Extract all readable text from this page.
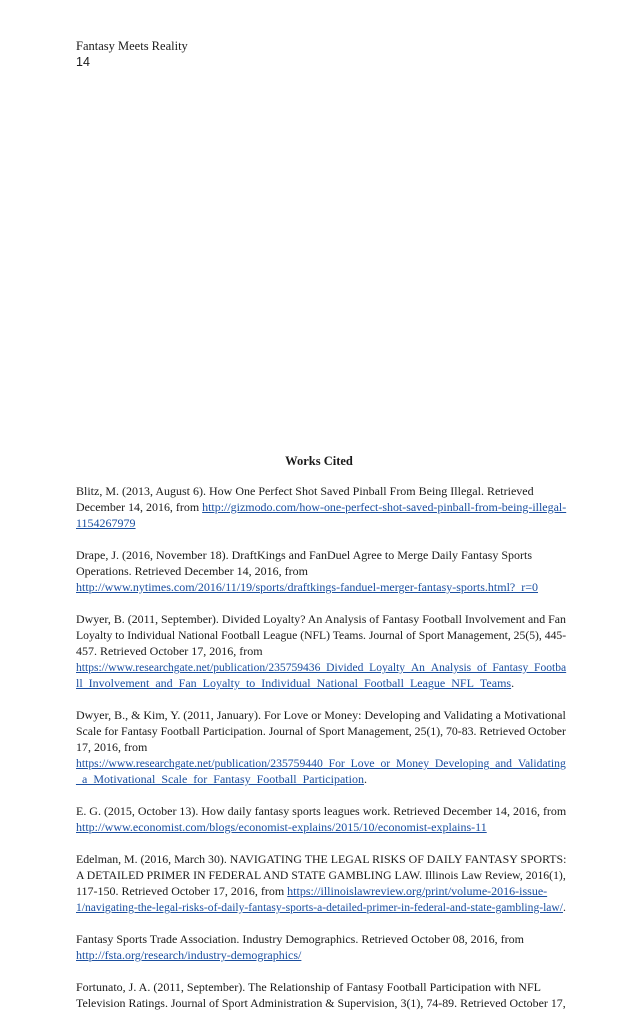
Fantasy Meets Reality
14
Works Cited

Blitz, M. (2013, August 6). How One Perfect Shot Saved Pinball From Being Illegal. Retrieved
December 14, 2016, from http://gizmodo.com/how-one-perfect-shot-saved-pinball-from-being-illegal-
1154267979

Drape, J. (2016, November 18). DraftKings and FanDuel Agree to Merge Daily Fantasy Sports
Operations. Retrieved December 14, 2016, from
http://www.nytimes.com/2016/11/19/sports/draftkings-fanduel-merger-fantasy-sports.html?_r=0

Dwyer, B. (2011, September). Divided Loyalty? An Analysis of Fantasy Football Involvement and Fan
Loyalty to Individual National Football League (NFL) Teams. Journal of Sport Management, 25(5), 445-
457. Retrieved October 17, 2016, from
https://www.researchgate.net/publication/235759436_Divided_Loyalty_An_Analysis_of_Fantasy_Footba
ll_Involvement_and_Fan_Loyalty_to_Individual_National_Football_League_NFL_Teams.

Dwyer, B., & Kim, Y. (2011, January). For Love or Money: Developing and Validating a Motivational
Scale for Fantasy Football Participation. Journal of Sport Management, 25(1), 70-83. Retrieved October
17, 2016, from
https://www.researchgate.net/publication/235759440_For_Love_or_Money_Developing_and_Validating
_a_Motivational_Scale_for_Fantasy_Football_Participation.

E. G. (2015, October 13). How daily fantasy sports leagues work. Retrieved December 14, 2016, from
http://www.economist.com/blogs/economist-explains/2015/10/economist-explains-11

Edelman, M. (2016, March 30). NAVIGATING THE LEGAL RISKS OF DAILY FANTASY SPORTS:
A DETAILED PRIMER IN FEDERAL AND STATE GAMBLING LAW. Illinois Law Review, 2016(1),
117-150. Retrieved October 17, 2016, from https://illinoislawreview.org/print/volume-2016-issue-
1/navigating-the-legal-risks-of-daily-fantasy-sports-a-detailed-primer-in-federal-and-state-gambling-law/.

Fantasy Sports Trade Association. Industry Demographics. Retrieved October 08, 2016, from
http://fsta.org/research/industry-demographics/

Fortunato, J. A. (2011, September). The Relationship of Fantasy Football Participation with NFL
Television Ratings. Journal of Sport Administration & Supervision, 3(1), 74-89. Retrieved October 17,
